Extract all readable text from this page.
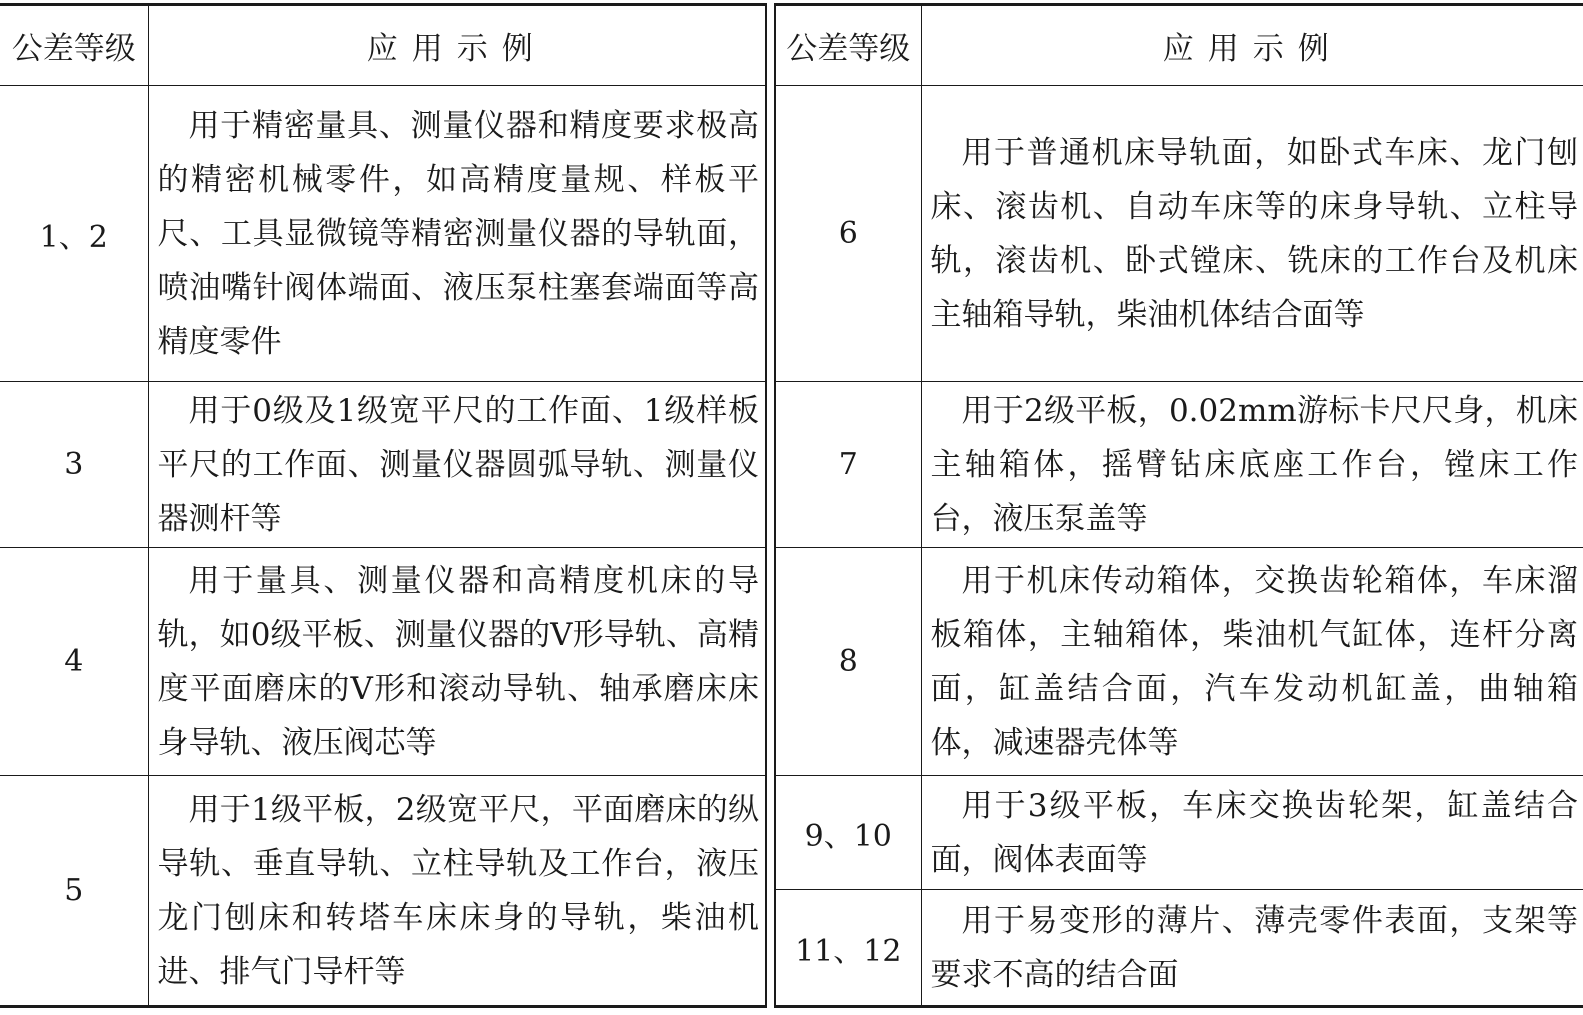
公差等级	应用示例
1、2	用于精密量具、测量仪器和精度要求极高的精密机械零件，如高精度量规、样板平尺、工具显微镜等精密测量仪器的导轨面，喷油嘴针阀体端面、液压泵柱塞套端面等高精度零件

3	用于0级及1级宽平尺的工作面、1级样板平尺的工作面、测量仪器圆弧导轨、测量仪器测杆等

4	用于量具、测量仪器和高精度机床的导轨，如0级平板、测量仪器的V形导轨、高精度平面磨床的V形和滚动导轨、轴承磨床床身导轨、液压阀芯等

5	用于1级平板，2级宽平尺，平面磨床的纵导轨、垂直导轨、立柱导轨及工作台，液压龙门刨床和转塔车床床身的导轨，柴油机进、排气门导杆等
公差等级	应用示例
6	用于普通机床导轨面，如卧式车床、龙门刨床、滚齿机、自动车床等的床身导轨、立柱导轨，滚齿机、卧式镗床、铣床的工作台及机床主轴箱导轨，柴油机体结合面等

7	用于2级平板，0.02mm游标卡尺尺身，机床主轴箱体，摇臂钻床底座工作台，镗床工作台，液压泵盖等

8	用于机床传动箱体，交换齿轮箱体，车床溜板箱体，主轴箱体，柴油机气缸体，连杆分离面，缸盖结合面，汽车发动机缸盖，曲轴箱体，减速器壳体等

9、10	用于3级平板，车床交换齿轮架，缸盖结合面，阀体表面等

11、12	用于易变形的薄片、薄壳零件表面，支架等要求不高的结合面
